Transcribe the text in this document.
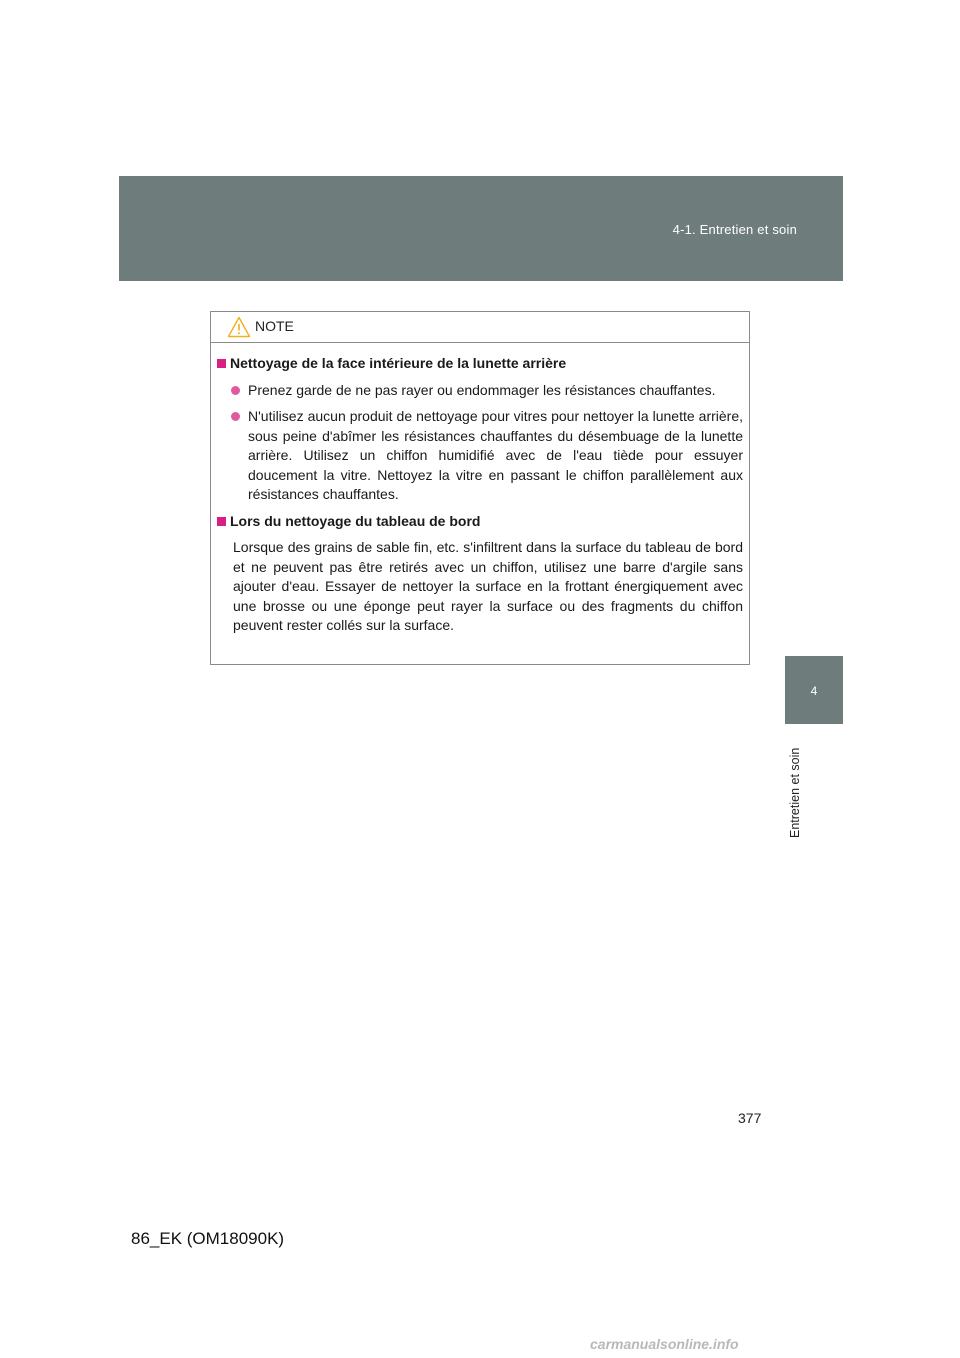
4-1. Entretien et soin
4
Entretien et soin
NOTE
Nettoyage de la face intérieure de la lunette arrière
Prenez garde de ne pas rayer ou endommager les résistances chauffantes.
N'utilisez aucun produit de nettoyage pour vitres pour nettoyer la lunette arrière, sous peine d'abîmer les résistances chauffantes du désembuage de la lunette arrière. Utilisez un chiffon humidifié avec de l'eau tiède pour essuyer doucement la vitre. Nettoyez la vitre en passant le chiffon parallèlement aux résistances chauffantes.
Lors du nettoyage du tableau de bord
Lorsque des grains de sable fin, etc. s'infiltrent dans la surface du tableau de bord et ne peuvent pas être retirés avec un chiffon, utilisez une barre d'argile sans ajouter d'eau. Essayer de nettoyer la surface en la frottant énergiquement avec une brosse ou une éponge peut rayer la surface ou des fragments du chiffon peuvent rester collés sur la surface.
377
86_EK (OM18090K)
carmanualsonline.info
